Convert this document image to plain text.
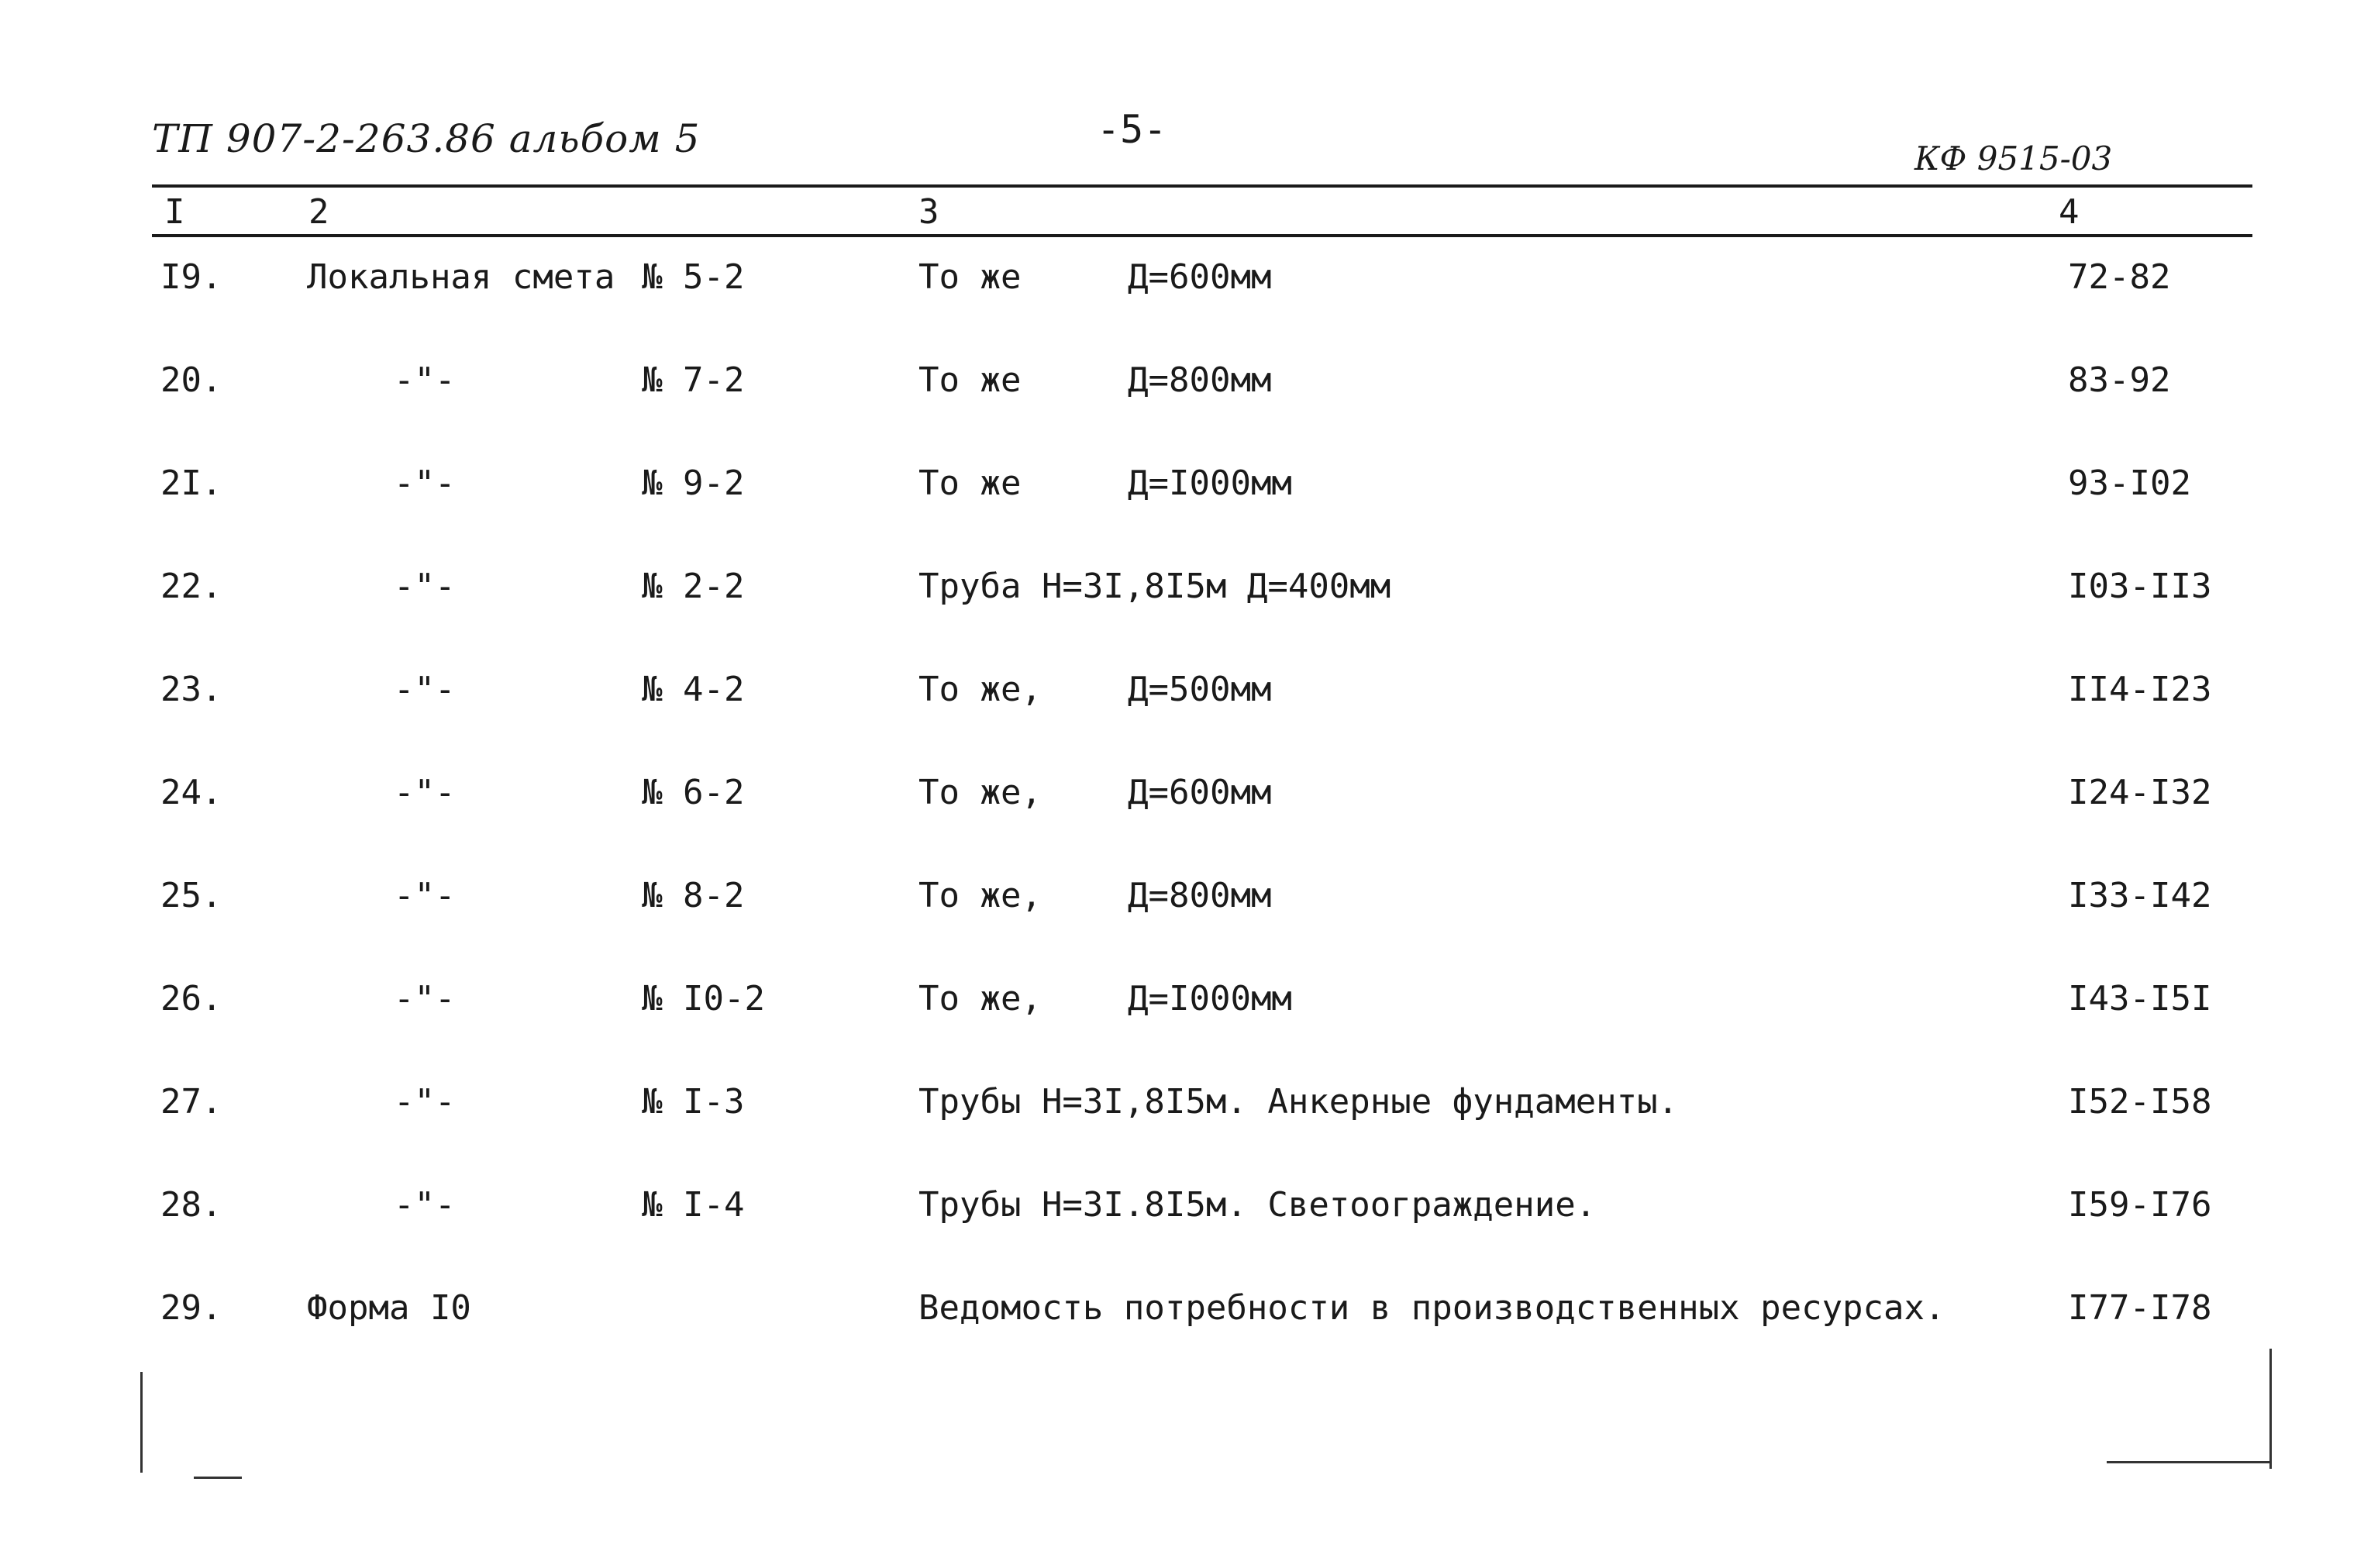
ТП 907-2-263.86 альбом 5	-5-
КФ 9515-03
I	2	3	4
I9. Локальная смета № 5-2	То же	Д=600мм	72-82
20.	-"-	№ 7-2	То же	Д=800мм	83-92
2I.	-"-	№ 9-2	То же	Д=I000мм	93-I02
22.	-"-	№ 2-2	Труба Н=3I,8I5м Д=400мм	I03-II3
23.	-"-	№ 4-2	То же,	Д=500мм	II4-I23
24.	-"-	№ 6-2	То же,	Д=600мм	I24-I32
25.	-"-	№ 8-2	То же,	Д=800мм	I33-I42
26.	-"-	№ I0-2	То же,	Д=I000мм	I43-I5I
27.	-"-	№ I-3	Трубы Н=3I,8I5м. Анкерные фундаменты.	I52-I58
28.	-"-	№ I-4	Трубы Н=3I.8I5м. Светоограждение.	I59-I76
29. Форма I0	Ведомость потребности в производственных ресурсах.	I77-I78
